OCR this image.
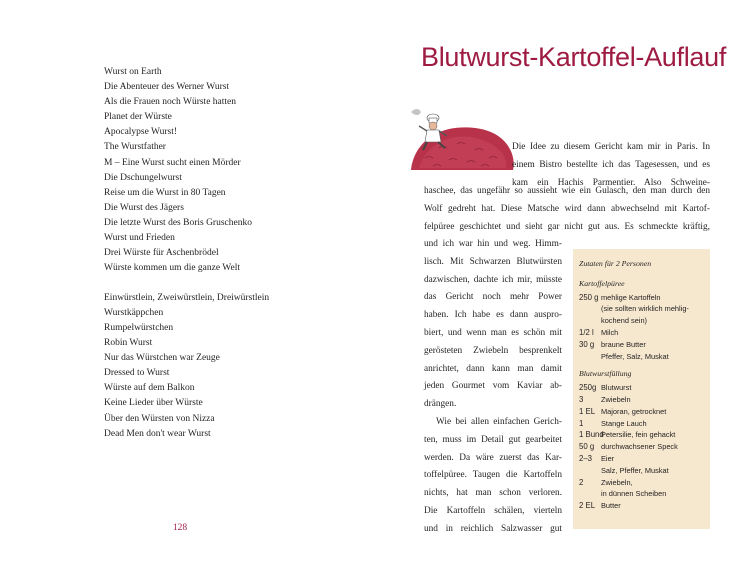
Wurst on Earth
Die Abenteuer des Werner Wurst
Als die Frauen noch Würste hatten
Planet der Würste
Apocalypse Wurst!
The Wurstfather
M – Eine Wurst sucht einen Mörder
Die Dschungelwurst
Reise um die Wurst in 80 Tagen
Die Wurst des Jägers
Die letzte Wurst des Boris Gruschenko
Wurst und Frieden
Drei Würste für Aschenbrödel
Würste kommen um die ganze Welt
Einwürstlein, Zweiwürstlein, Dreiwürstlein
Wurstkäppchen
Rumpelwürstchen
Robin Wurst
Nur das Würstchen war Zeuge
Dressed to Wurst
Würste auf dem Balkon
Keine Lieder über Würste
Über den Würsten von Nizza
Dead Men don't wear Wurst
128
Blutwurst-Kartoffel-Auflauf
Die Idee zu diesem Gericht kam mir in Paris. In
einem Bistro bestellte ich das Tagesessen, und es
kam ein Hachis Parmentier. Also Schweine-
haschee, das ungefähr so aussieht wie ein Gulasch, den man durch den
Wolf gedreht hat. Diese Matsche wird dann abwechselnd mit Kartof-
felpüree geschichtet und sieht gar nicht gut aus. Es schmeckte kräftig,
und ich war hin und weg. Himm-
lisch. Mit Schwarzen Blutwürsten
dazwischen, dachte ich mir, müsste
das Gericht noch mehr Power
haben. Ich habe es dann auspro-
biert, und wenn man es schön mit
gerösteten Zwiebeln besprenkelt
anrichtet, dann kann man damit
jeden Gourmet vom Kaviar ab-
drängen.
Wie bei allen einfachen Gerich-
ten, muss im Detail gut gearbeitet
werden. Da wäre zuerst das Kar-
toffelpüree. Taugen die Kartoffeln
nichts, hat man schon verloren.
Die Kartoffeln schälen, vierteln
und in reichlich Salzwasser gut
Zutaten für 2 Personen
Kartoffelpüree
250 g mehlige Kartoffeln
(sie sollten wirklich mehlig-
kochend sein)
1/2 l Milch
30 g braune Butter
Pfeffer, Salz, Muskat
Blutwurstfüllung
250g Blutwurst
3	Zwiebeln
1 EL Majoran, getrocknet
1	Stange Lauch
1 Bund
Petersilie, fein gehackt
50 g durchwachsener Speck
2–3	Eier
Salz, Pfeffer, Muskat
2	Zwiebeln,
in dünnen Scheiben
2 EL Butter
